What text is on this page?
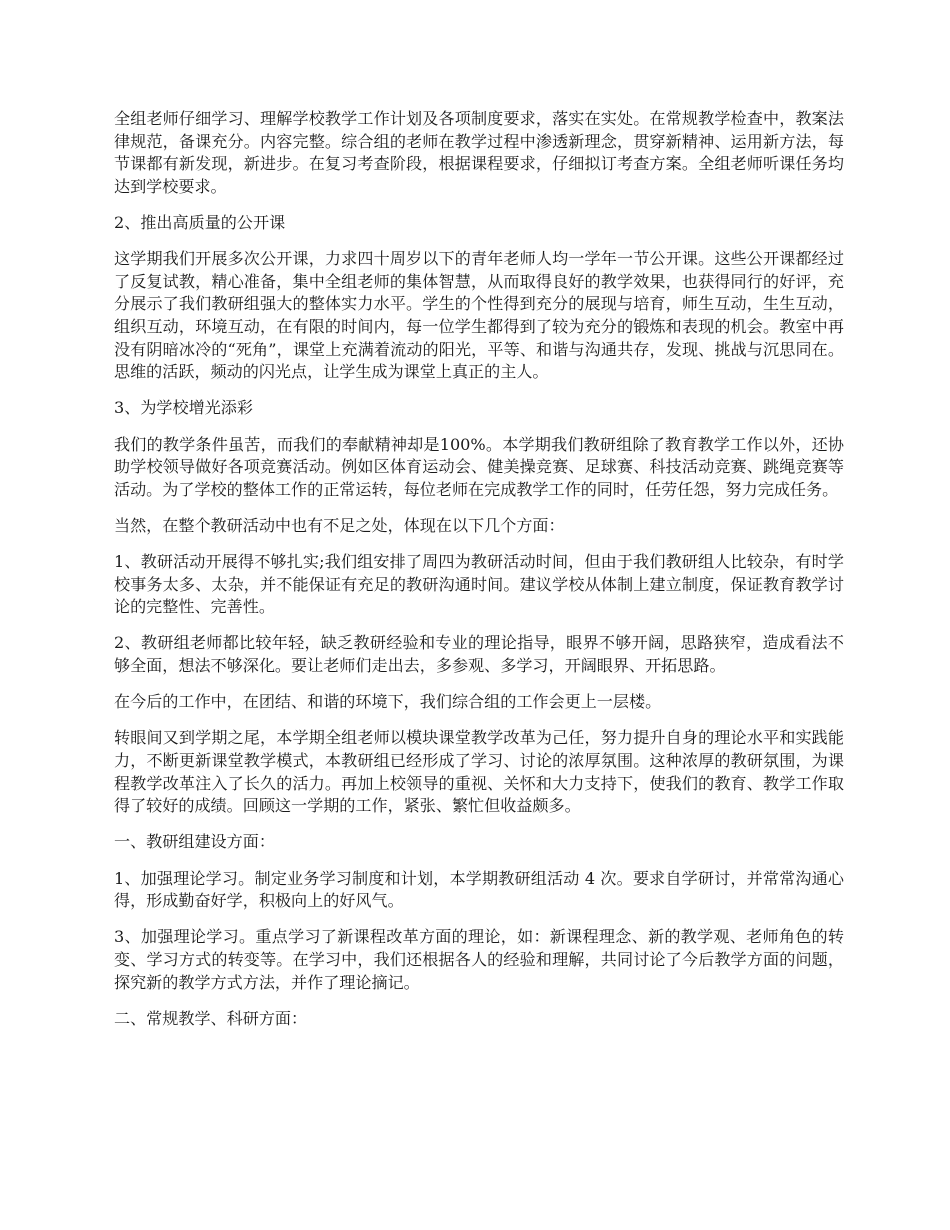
全组老师仔细学习、理解学校教学工作计划及各项制度要求，落实在实处。在常规教学检查中，教案法律规范，备课充分。内容完整。综合组的老师在教学过程中渗透新理念，贯穿新精神、运用新方法，每节课都有新发现，新进步。在复习考查阶段，根据课程要求，仔细拟订考查方案。全组老师听课任务均达到学校要求。

2、推出高质量的公开课

这学期我们开展多次公开课，力求四十周岁以下的青年老师人均一学年一节公开课。这些公开课都经过了反复试教，精心准备，集中全组老师的集体智慧，从而取得良好的教学效果，也获得同行的好评，充分展示了我们教研组强大的整体实力水平。学生的个性得到充分的展现与培育，师生互动，生生互动，组织互动，环境互动，在有限的时间内，每一位学生都得到了较为充分的锻炼和表现的机会。教室中再没有阴暗冰冷的“死角”，课堂上充满着流动的阳光，平等、和谐与沟通共存，发现、挑战与沉思同在。思维的活跃，频动的闪光点，让学生成为课堂上真正的主人。

3、为学校增光添彩

我们的教学条件虽苦，而我们的奉献精神却是100%。本学期我们教研组除了教育教学工作以外，还协助学校领导做好各项竞赛活动。例如区体育运动会、健美操竞赛、足球赛、科技活动竞赛、跳绳竞赛等活动。为了学校的整体工作的正常运转，每位老师在完成教学工作的同时，任劳任怨，努力完成任务。

当然，在整个教研活动中也有不足之处，体现在以下几个方面：

1、教研活动开展得不够扎实;我们组安排了周四为教研活动时间，但由于我们教研组人比较杂，有时学校事务太多、太杂，并不能保证有充足的教研沟通时间。建议学校从体制上建立制度，保证教育教学讨论的完整性、完善性。

2、教研组老师都比较年轻，缺乏教研经验和专业的理论指导，眼界不够开阔，思路狭窄，造成看法不够全面，想法不够深化。要让老师们走出去，多参观、多学习，开阔眼界、开拓思路。

在今后的工作中，在团结、和谐的环境下，我们综合组的工作会更上一层楼。

转眼间又到学期之尾，本学期全组老师以模块课堂教学改革为己任，努力提升自身的理论水平和实践能力，不断更新课堂教学模式，本教研组已经形成了学习、讨论的浓厚氛围。这种浓厚的教研氛围，为课程教学改革注入了长久的活力。再加上校领导的重视、关怀和大力支持下，使我们的教育、教学工作取得了较好的成绩。回顾这一学期的工作，紧张、繁忙但收益颇多。

一、教研组建设方面：

1、加强理论学习。制定业务学习制度和计划，本学期教研组活动 4 次。要求自学研讨，并常常沟通心得，形成勤奋好学，积极向上的好风气。

3、加强理论学习。重点学习了新课程改革方面的理论，如：新课程理念、新的教学观、老师角色的转变、学习方式的转变等。在学习中，我们还根据各人的经验和理解，共同讨论了今后教学方面的问题，探究新的教学方式方法，并作了理论摘记。

二、常规教学、科研方面：
